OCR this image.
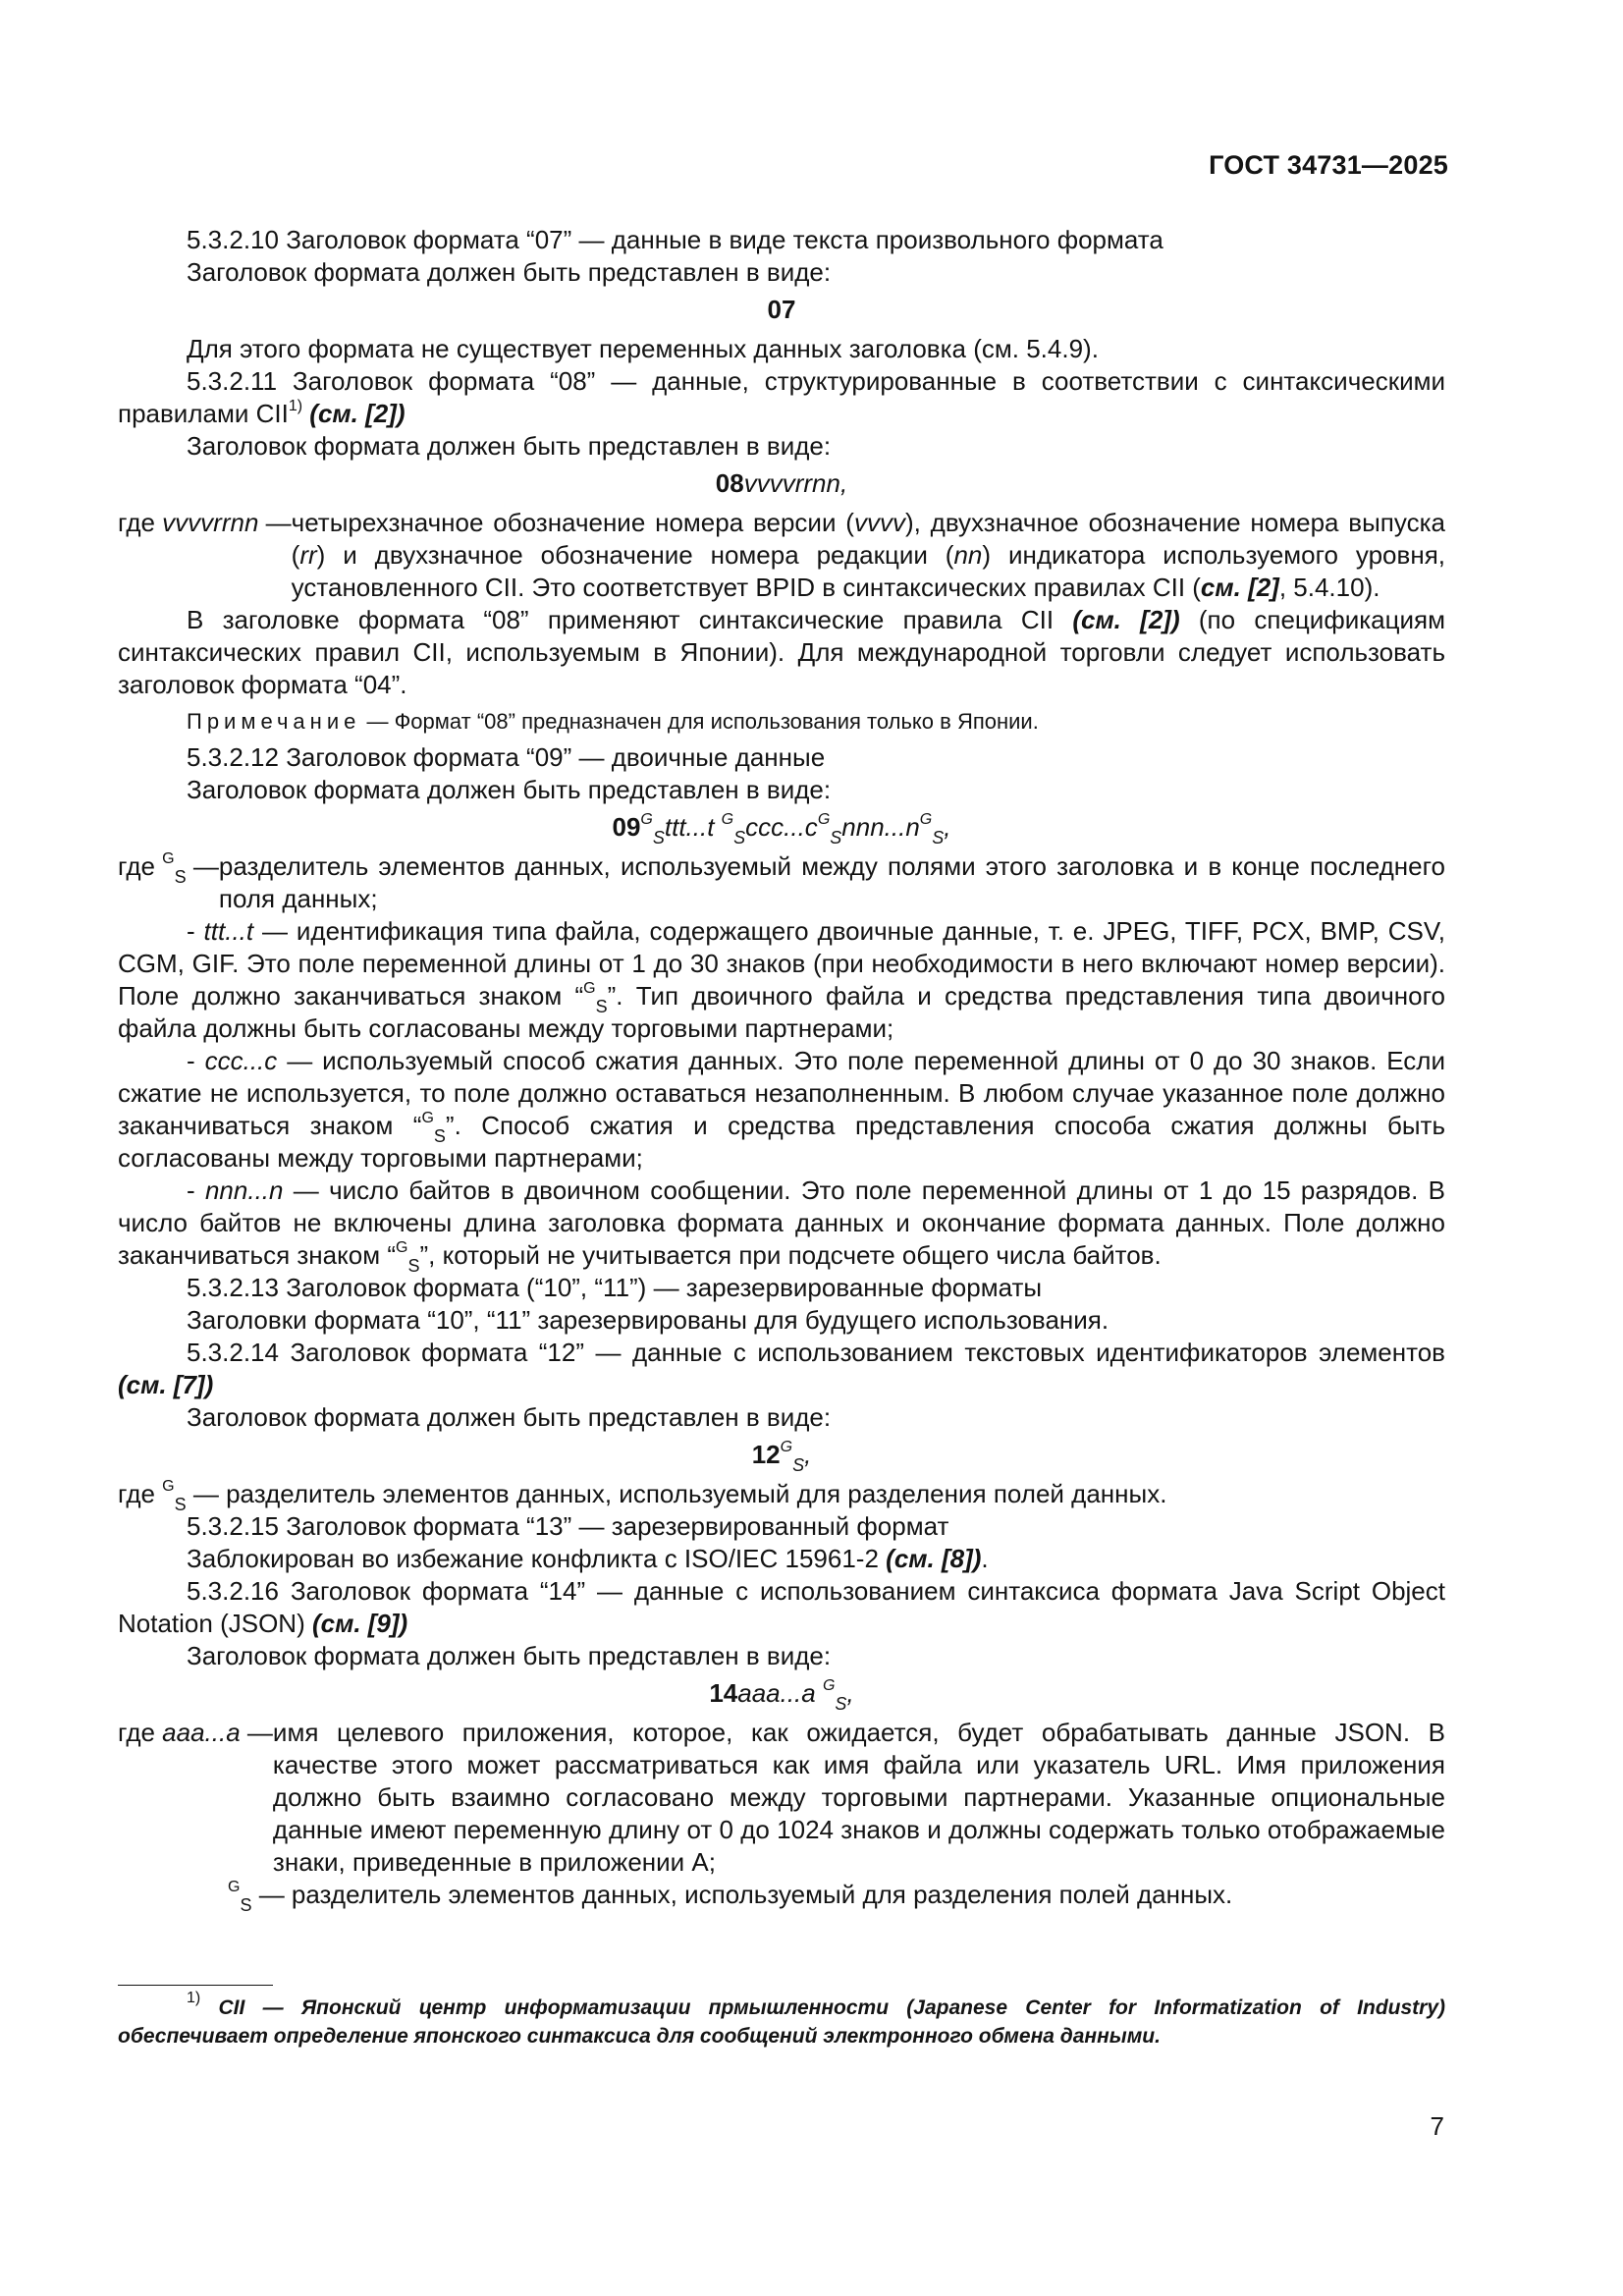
ГОСТ 34731—2025

5.3.2.10 Заголовок формата “07” — данные в виде текста произвольного формата

Заголовок формата должен быть представлен в виде:

07

Для этого формата не существует переменных данных заголовка (см. 5.4.9).

5.3.2.11 Заголовок формата “08” — данные, структурированные в соответствии с синтаксическими правилами CII$^{1)}$ (см. [2])

Заголовок формата должен быть представлен в виде:

08vvvvrrnn,

где vvvvrrnn — четырехзначное обозначение номера версии (vvvv), двухзначное обозначение номера выпуска (rr) и двухзначное обозначение номера редакции (nn) индикатора используемого уровня, установленного CII. Это соответствует BPID в синтаксических правилах CII (см. [2], 5.4.10).

В заголовке формата “08” применяют синтаксические правила CII (см. [2]) (по спецификациям синтаксических правил CII, используемым в Японии). Для международной торговли следует использовать заголовок формата “04”.

Примечание — Формат “08” предназначен для использования только в Японии.

5.3.2.12 Заголовок формата “09” — двоичные данные

Заголовок формата должен быть представлен в виде:

$09^G_Sttt...t$ $^G_Sccc...c^G_Snnn...n^G_S$,

где $^G_S$ — разделитель элементов данных, используемый между полями этого заголовка и в конце последнего поля данных;

- ttt...t — идентификация типа файла, содержащего двоичные данные, т. е. JPEG, TIFF, PCX, BMP, CSV, CGM, GIF. Это поле переменной длины от 1 до 30 знаков (при необходимости в него включают номер версии). Поле должно заканчиваться знаком “$^G_S$”. Тип двоичного файла и средства представления типа двоичного файла должны быть согласованы между торговыми партнерами;

- ccc...c — используемый способ сжатия данных. Это поле переменной длины от 0 до 30 знаков. Если сжатие не используется, то поле должно оставаться незаполненным. В любом случае указанное поле должно заканчиваться знаком “$^G_S$”. Способ сжатия и средства представления способа сжатия должны быть согласованы между торговыми партнерами;

- nnn...n — число байтов в двоичном сообщении. Это поле переменной длины от 1 до 15 разрядов. В число байтов не включены длина заголовка формата данных и окончание формата данных. Поле должно заканчиваться знаком “$^G_S$”, который не учитывается при подсчете общего числа байтов.

5.3.2.13 Заголовок формата (“10”, “11”) — зарезервированные форматы

Заголовки формата “10”, “11” зарезервированы для будущего использования.

5.3.2.14 Заголовок формата “12” — данные с использованием текстовых идентификаторов элементов (см. [7])

Заголовок формата должен быть представлен в виде:

$12^G_S$,

где $^G_S$ — разделитель элементов данных, используемый для разделения полей данных.

5.3.2.15 Заголовок формата “13” — зарезервированный формат

Заблокирован во избежание конфликта с ISO/IEC 15961-2 (см. [8]).

5.3.2.16 Заголовок формата “14” — данные с использованием синтаксиса формата Java Script Object Notation (JSON) (см. [9])

Заголовок формата должен быть представлен в виде:

14aaa...a $^G_S$,

где aaa...a — имя целевого приложения, которое, как ожидается, будет обрабатывать данные JSON. В качестве этого может рассматриваться как имя файла или указатель URL. Имя приложения должно быть взаимно согласовано между торговыми партнерами. Указанные опциональные данные имеют переменную длину от 0 до 1024 знаков и должны содержать только отображаемые знаки, приведенные в приложении А;

$^G_S$ — разделитель элементов данных, используемый для разделения полей данных.

$^{1)}$ CII — Японский центр информатизации прмышленности (Japanese Center for Informatization of Industry) обеспечивает определение японского синтаксиса для сообщений электронного обмена данными.
7
